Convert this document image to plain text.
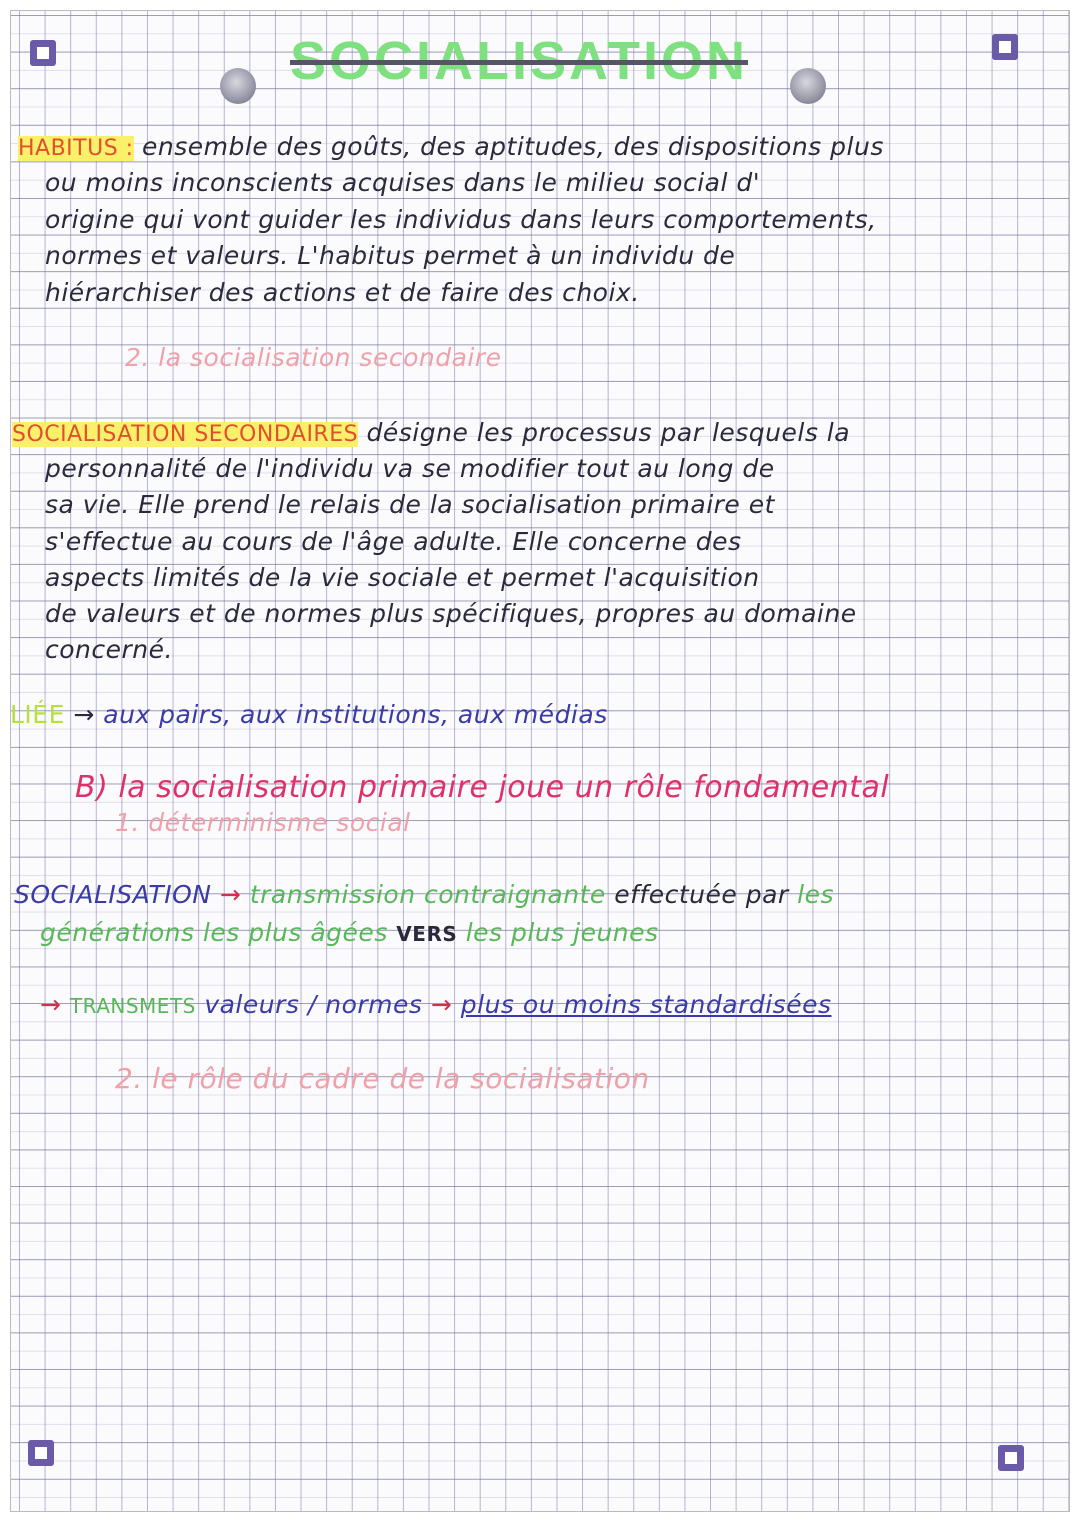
SOCIALISATION
HABITUS : ensemble des goûts, des aptitudes, des dispositions plus
ou moins inconscients acquises dans le milieu social d'
origine qui vont guider les individus dans leurs comportements,
normes et valeurs. L'habitus permet à un individu de
hiérarchiser des actions et de faire des choix.
2. la socialisation secondaire
SOCIALISATION SECONDAIRES désigne les processus par lesquels la
personnalité de l'individu va se modifier tout au long de
sa vie. Elle prend le relais de la socialisation primaire et
s'effectue au cours de l'âge adulte. Elle concerne des
aspects limités de la vie sociale et permet l'acquisition
de valeurs et de normes plus spécifiques, propres au domaine
concerné.
LIÉE → aux pairs, aux institutions, aux médias
B) la socialisation primaire joue un rôle fondamental
1. déterminisme social
SOCIALISATION → transmission contraignante effectuée par les
générations les plus âgées VERS les plus jeunes
→ TRANSMETS valeurs / normes → plus ou moins standardisées
2. le rôle du cadre de la socialisation
